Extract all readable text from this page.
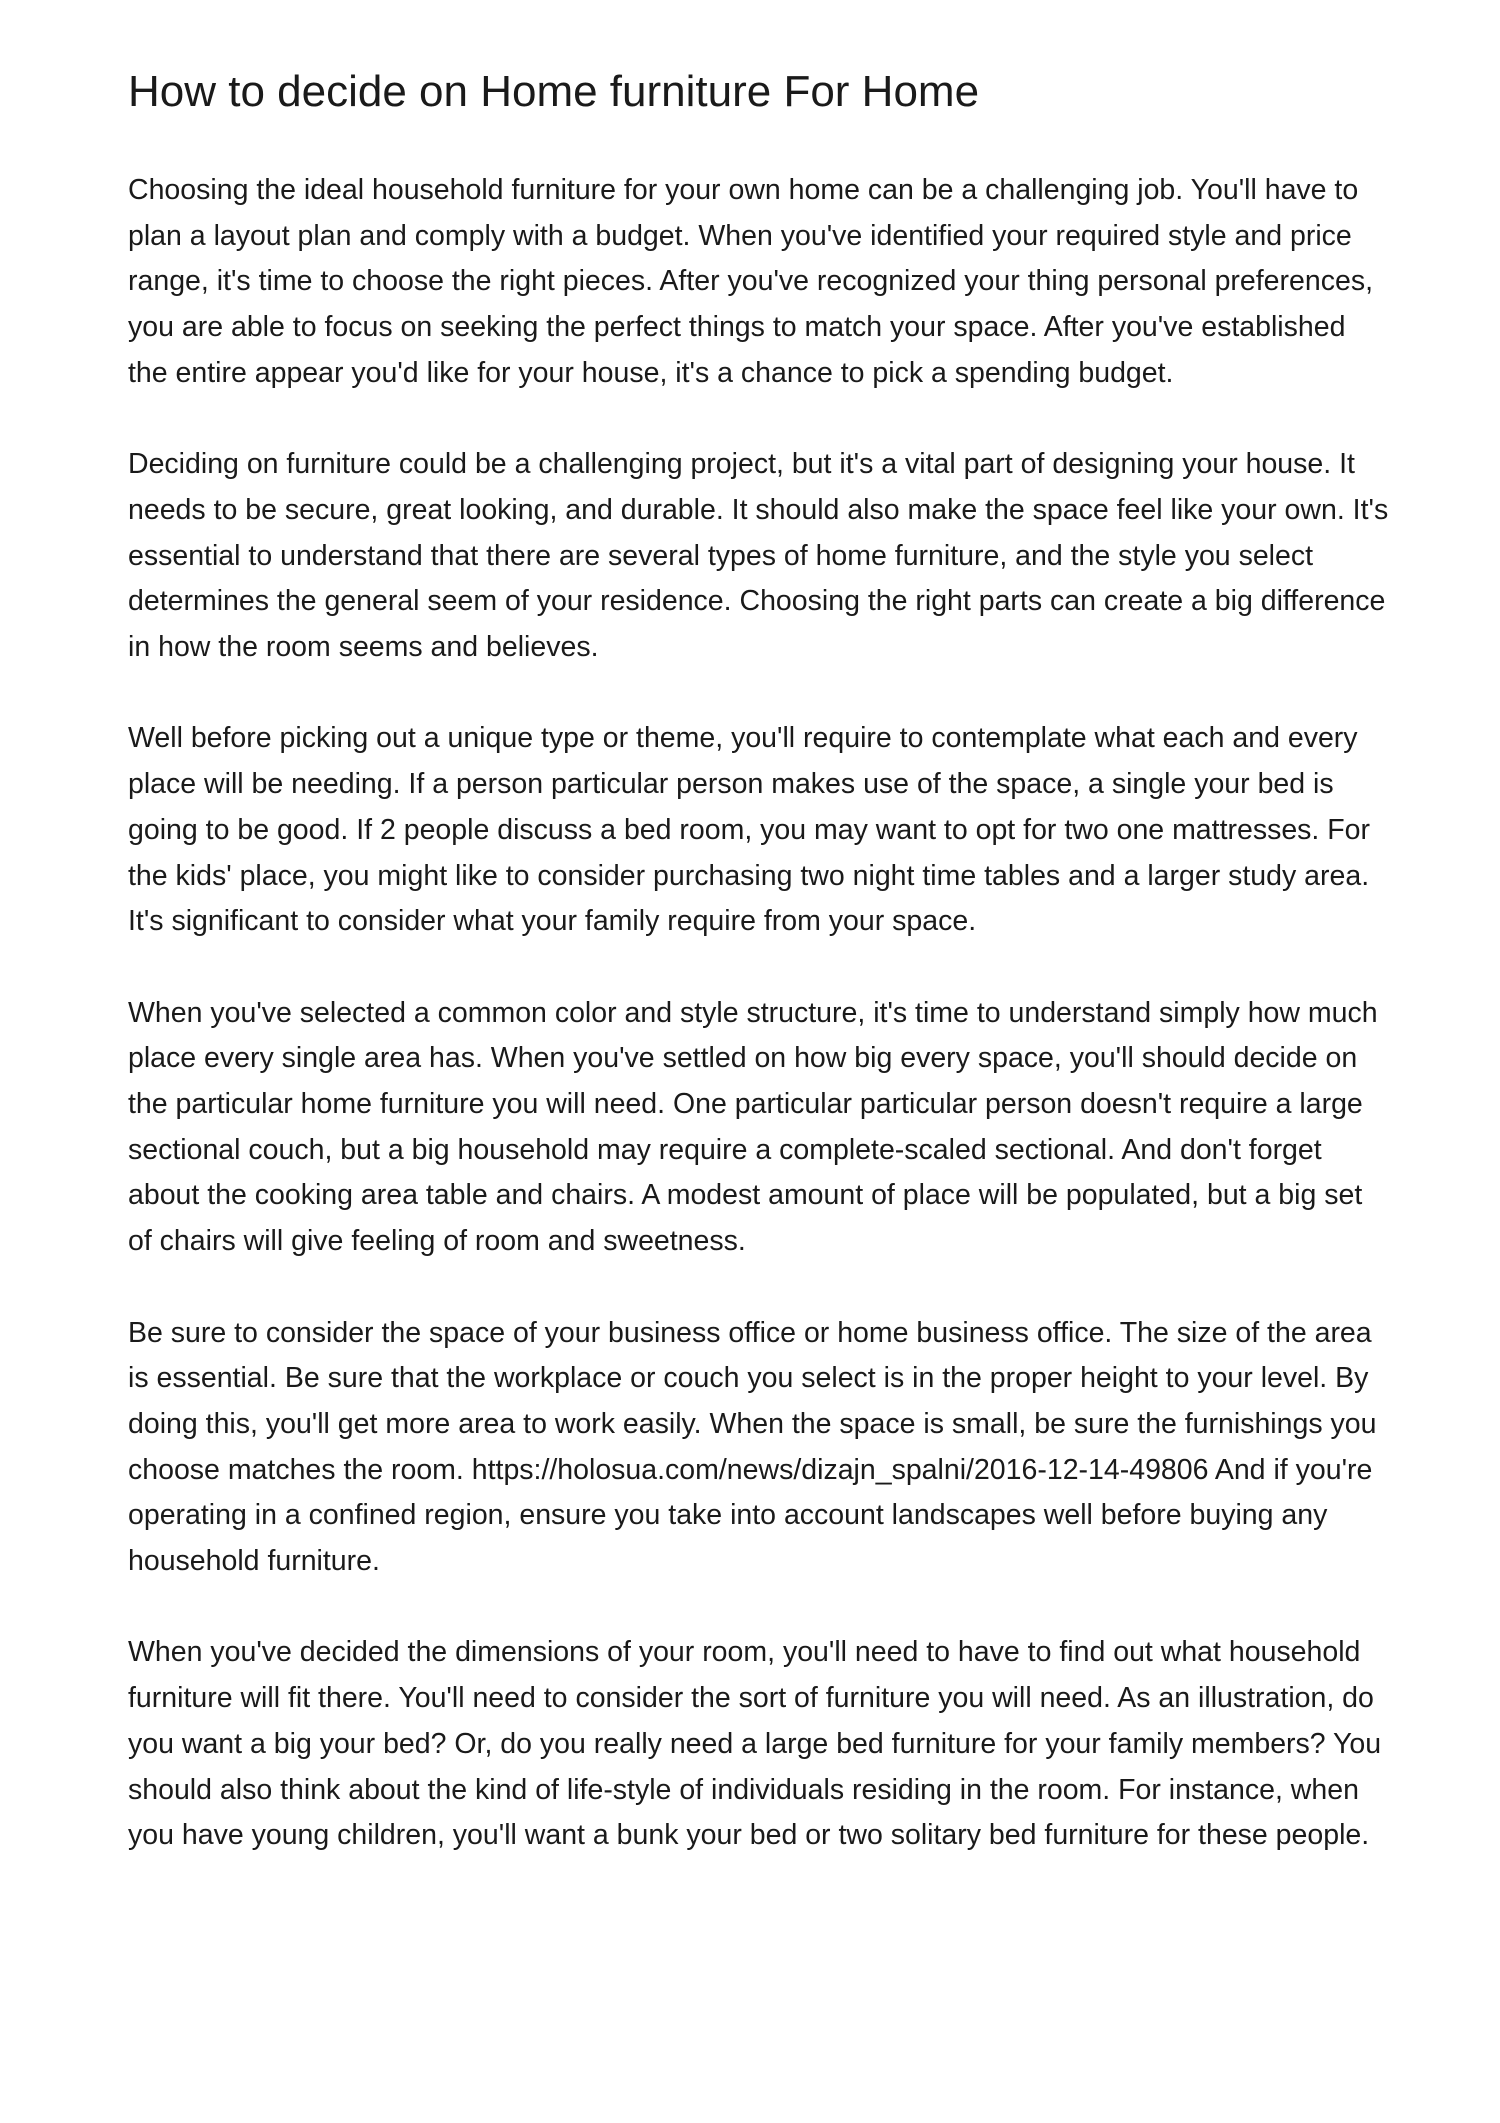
How to decide on Home furniture For Home

Choosing the ideal household furniture for your own home can be a challenging job. You'll have to plan a layout plan and comply with a budget. When you've identified your required style and price range, it's time to choose the right pieces. After you've recognized your thing personal preferences, you are able to focus on seeking the perfect things to match your space. After you've established the entire appear you'd like for your house, it's a chance to pick a spending budget.

Deciding on furniture could be a challenging project, but it's a vital part of designing your house. It needs to be secure, great looking, and durable. It should also make the space feel like your own. It's essential to understand that there are several types of home furniture, and the style you select determines the general seem of your residence. Choosing the right parts can create a big difference in how the room seems and believes.

Well before picking out a unique type or theme, you'll require to contemplate what each and every place will be needing. If a person particular person makes use of the space, a single your bed is going to be good. If 2 people discuss a bed room, you may want to opt for two one mattresses. For the kids' place, you might like to consider purchasing two night time tables and a larger study area. It's significant to consider what your family require from your space.

When you've selected a common color and style structure, it's time to understand simply how much place every single area has. When you've settled on how big every space, you'll should decide on the particular home furniture you will need. One particular particular person doesn't require a large sectional couch, but a big household may require a complete-scaled sectional. And don't forget about the cooking area table and chairs. A modest amount of place will be populated, but a big set of chairs will give feeling of room and sweetness.

Be sure to consider the space of your business office or home business office. The size of the area is essential. Be sure that the workplace or couch you select is in the proper height to your level. By doing this, you'll get more area to work easily. When the space is small, be sure the furnishings you choose matches the room. https://holosua.com/news/dizajn_spalni/2016-12-14-49806 And if you're operating in a confined region, ensure you take into account landscapes well before buying any household furniture.

When you've decided the dimensions of your room, you'll need to have to find out what household furniture will fit there. You'll need to consider the sort of furniture you will need. As an illustration, do you want a big your bed? Or, do you really need a large bed furniture for your family members? You should also think about the kind of life-style of individuals residing in the room. For instance, when you have young children, you'll want a bunk your bed or two solitary bed furniture for these people.
